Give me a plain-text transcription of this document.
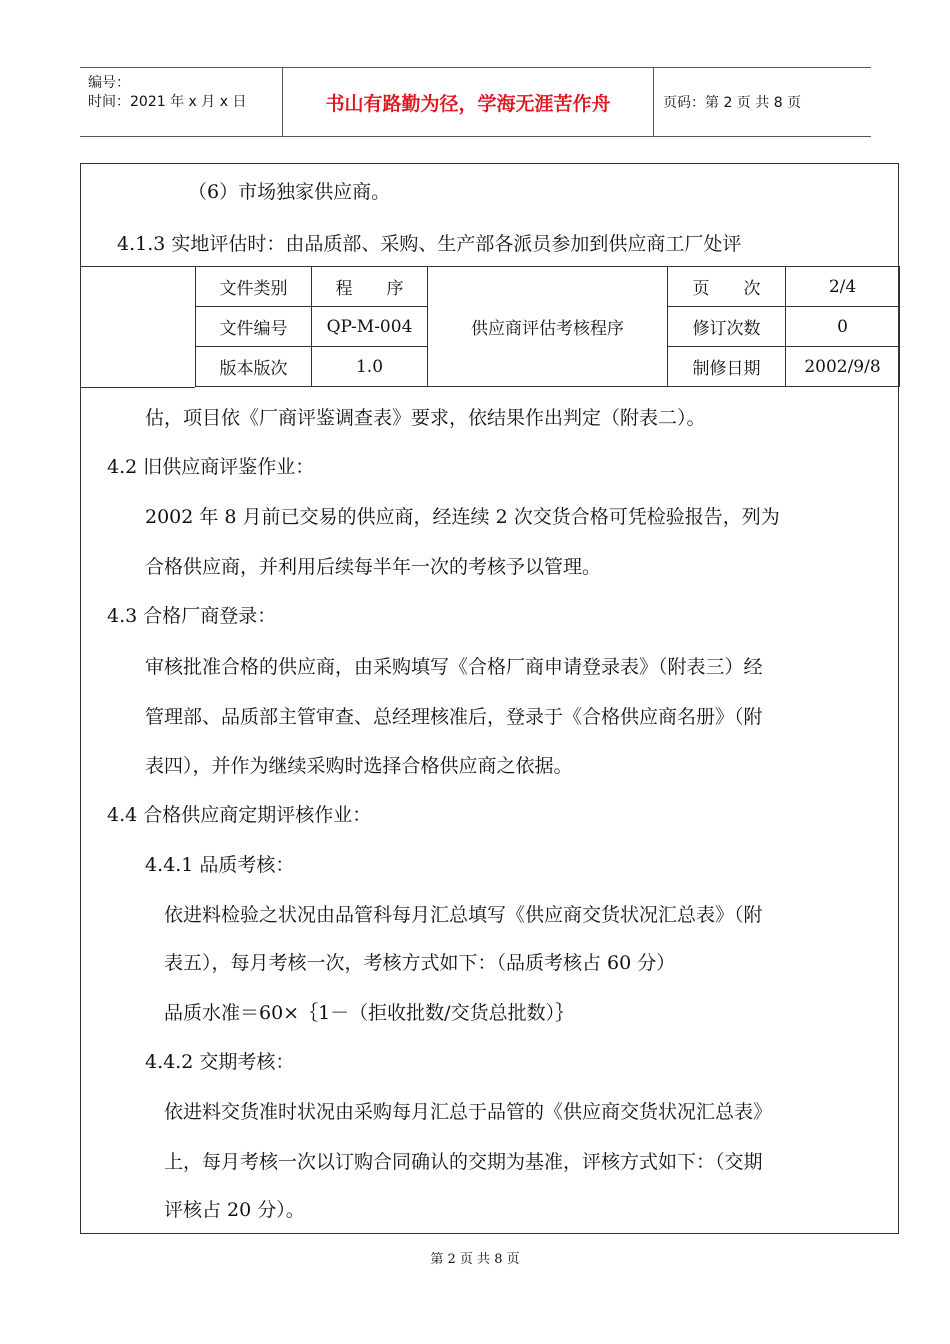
编号：
时间：2021 年 x 月 x 日	书山有路勤为径，学海无涯苦作舟	页码：第 2 页 共 8 页
（6）市场独家供应商。
4.1.3 实地评估时：由品质部、采购、生产部各派员参加到供应商工厂处评
文件类别	程　　序	供应商评估考核程序	页　　次	2/4
文件编号	QP-M-004		修订次数	0
版本版次	1.0		制修日期	2002/9/8
估，项目依《厂商评鉴调查表》要求，依结果作出判定（附表二）。
4.2 旧供应商评鉴作业：
2002 年 8 月前已交易的供应商，经连续 2 次交货合格可凭检验报告，列为
合格供应商，并利用后续每半年一次的考核予以管理。
4.3 合格厂商登录：
审核批准合格的供应商，由采购填写《合格厂商申请登录表》（附表三）经
管理部、品质部主管审查、总经理核准后，登录于《合格供应商名册》（附
表四），并作为继续采购时选择合格供应商之依据。
4.4 合格供应商定期评核作业：
4.4.1 品质考核：
依进料检验之状况由品管科每月汇总填写《供应商交货状况汇总表》（附
表五），每月考核一次，考核方式如下：（品质考核占 60 分）
品质水准＝60×｛1－（拒收批数/交货总批数）｝
4.4.2 交期考核：
依进料交货准时状况由采购每月汇总于品管的《供应商交货状况汇总表》
上，每月考核一次以订购合同确认的交期为基准，评核方式如下：（交期
评核占 20 分）。
第 2 页 共 8 页
